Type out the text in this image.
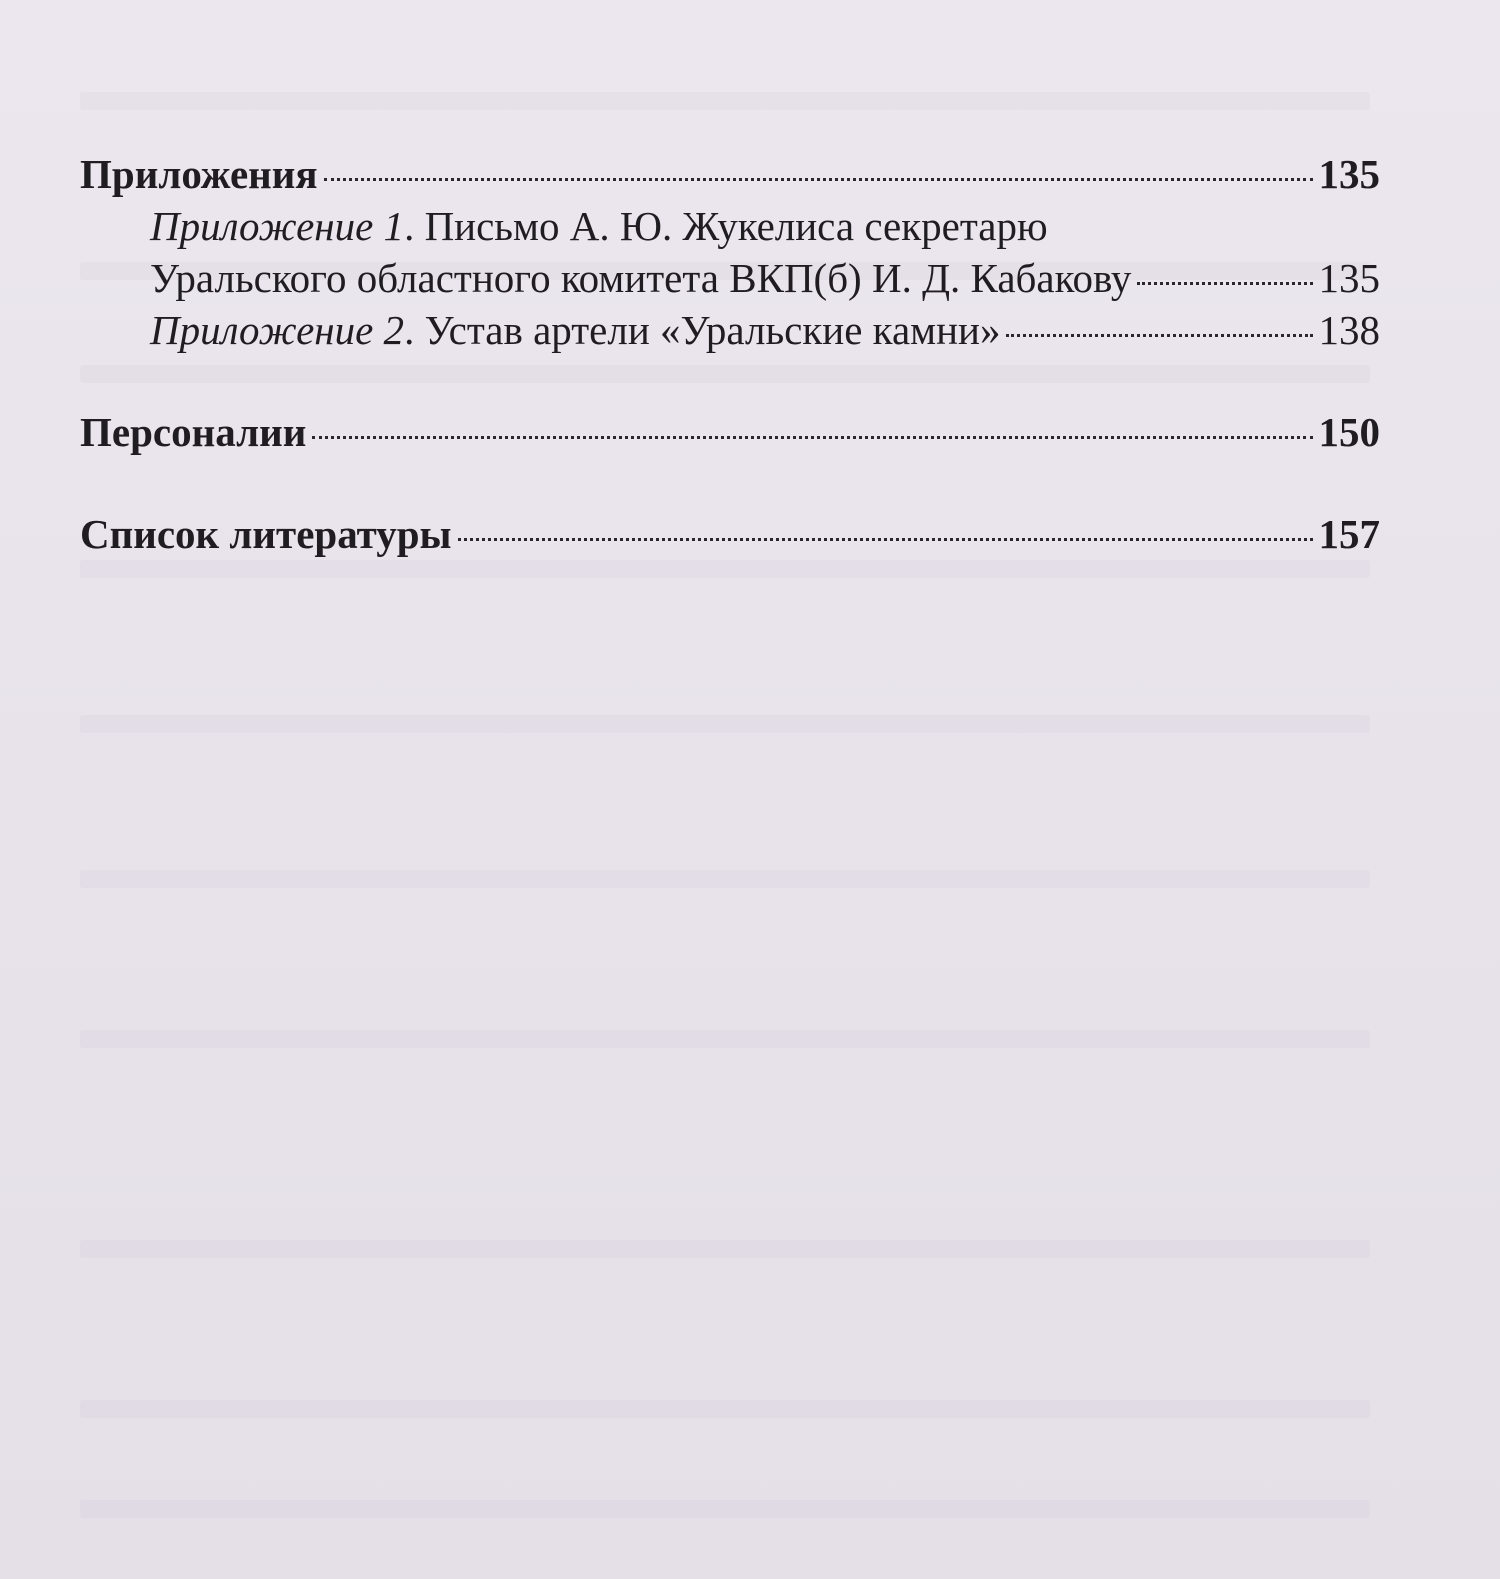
Приложения	135
Приложение 1. Письмо А. Ю. Жукелиса секретарю
Уральского областного комитета ВКП(б) И. Д. Кабакову	135
Приложение 2. Устав артели «Уральские камни»	138
Персоналии	150
Список литературы	157
